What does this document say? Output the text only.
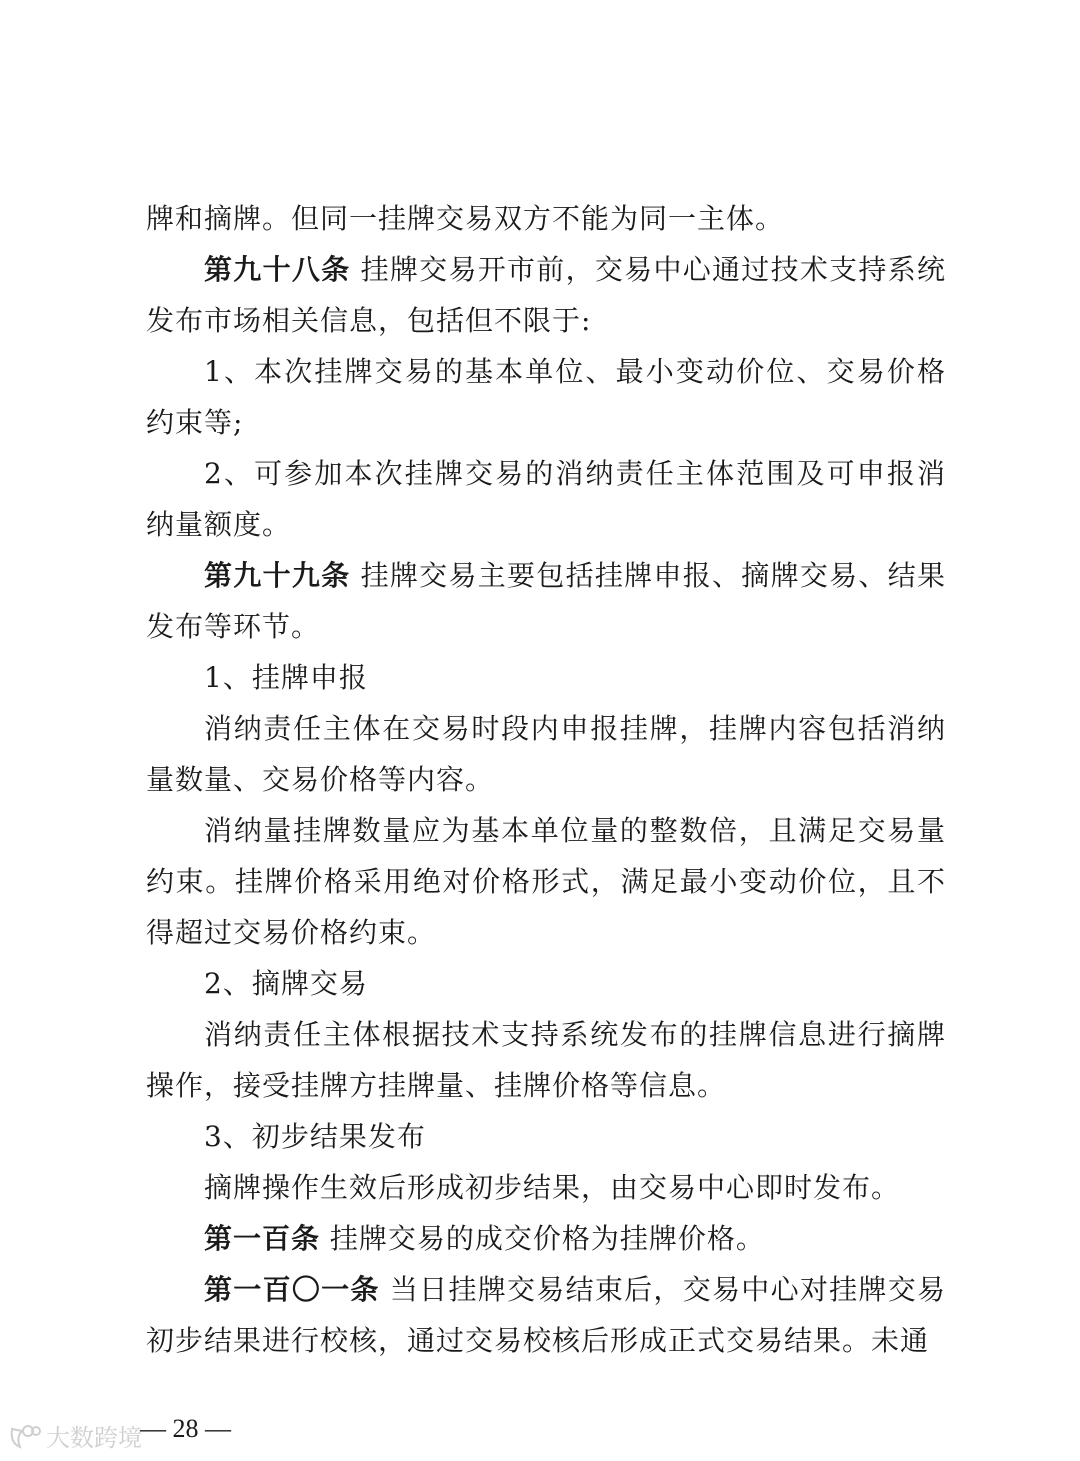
牌和摘牌。但同一挂牌交易双方不能为同一主体。

第九十八条 挂牌交易开市前，交易中心通过技术支持系统发布市场相关信息，包括但不限于:

1、本次挂牌交易的基本单位、最小变动价位、交易价格约束等;

2、可参加本次挂牌交易的消纳责任主体范围及可申报消纳量额度。

第九十九条 挂牌交易主要包括挂牌申报、摘牌交易、结果发布等环节。

1、挂牌申报

消纳责任主体在交易时段内申报挂牌，挂牌内容包括消纳量数量、交易价格等内容。

消纳量挂牌数量应为基本单位量的整数倍，且满足交易量约束。挂牌价格采用绝对价格形式，满足最小变动价位，且不得超过交易价格约束。

2、摘牌交易

消纳责任主体根据技术支持系统发布的挂牌信息进行摘牌操作，接受挂牌方挂牌量、挂牌价格等信息。

3、初步结果发布

摘牌操作生效后形成初步结果，由交易中心即时发布。

第一百条 挂牌交易的成交价格为挂牌价格。

第一百〇一条 当日挂牌交易结束后，交易中心对挂牌交易初步结果进行校核，通过交易校核后形成正式交易结果。未通

大数跨境
— 28 —
